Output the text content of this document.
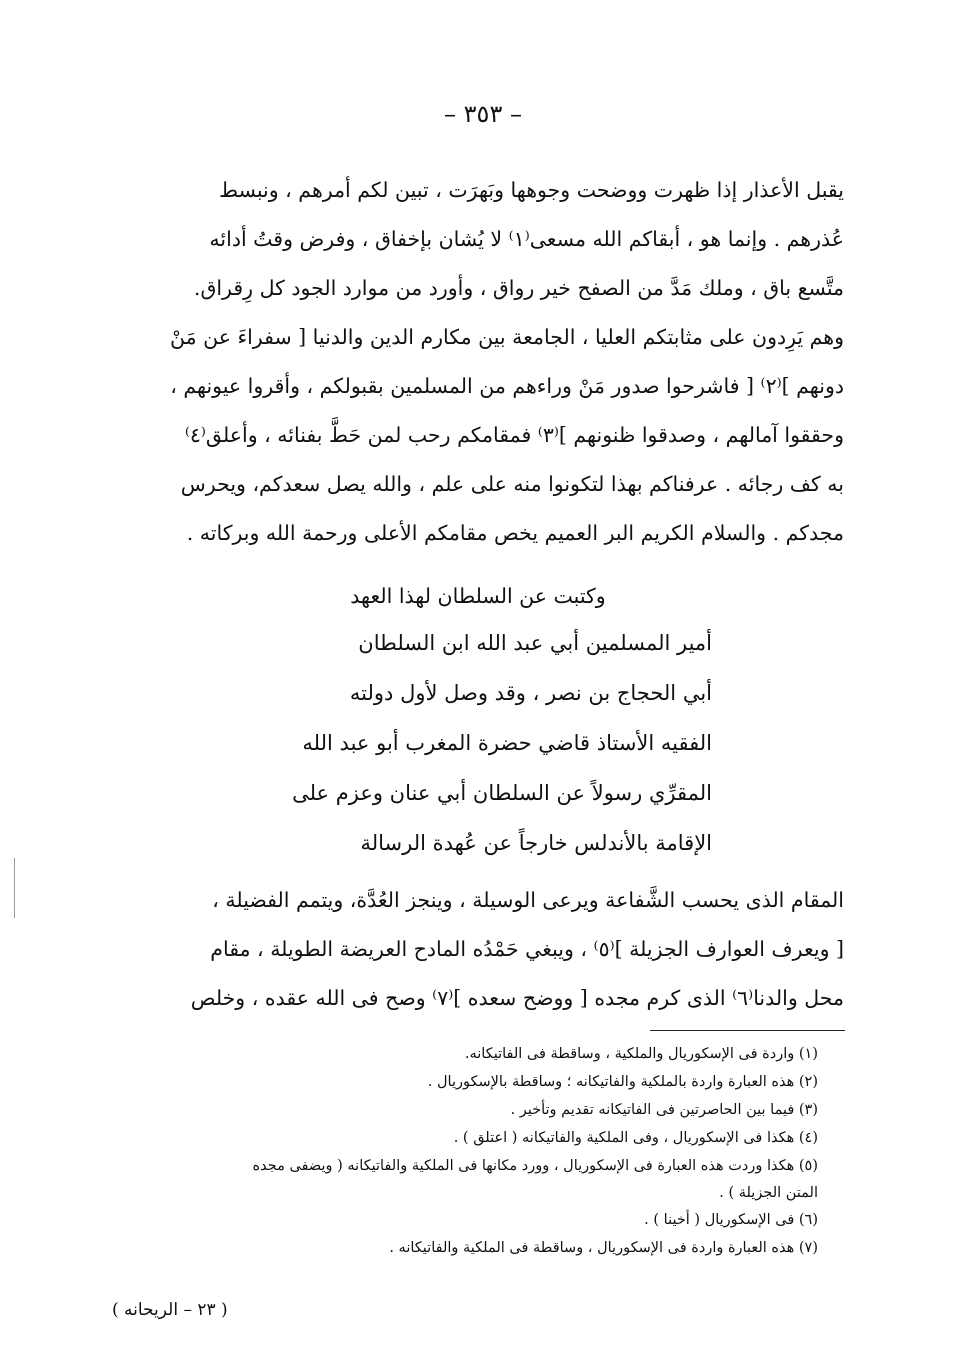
– ٣٥٣ –
يقبل الأعذار إذا ظهرت ووضحت وجوهها وبَهرَت ، تبين لكم أمرهم ، ونبسط
عُذرهم . وإنما هو ، أبقاكم الله مسعى⁽١⁾ لا يُشان بإخفاق ، وفرض وقتُ أدائه
متَّسع باق ، وملك مَدَّ من الصفح خير رواق ، وأورد من موارد الجود كل رِقراق.
وهم يَرِدون على مثابتكم العليا ، الجامعة بين مكارم الدين والدنيا [ سفراءَ عن مَنْ
دونهم ]⁽٢⁾ [ فاشرحوا صدور مَنْ وراءهم من المسلمين بقبولكم ، وأقروا عيونهم ،
وحققوا آمالهم ، وصدقوا ظنونهم ]⁽٣⁾ فمقامكم رحب لمن حَطَّ بفنائه ، وأعلق⁽٤⁾
به كف رجائه . عرفناكم بهذا لتكونوا منه على علم ، والله يصل سعدكم، ويحرس
مجدكم . والسلام الكريم البر العميم يخص مقامكم الأعلى ورحمة الله وبركاته .
وكتبت عن السلطان لهذا العهد
أمير المسلمين أبي عبد الله ابن السلطان
أبي الحجاج بن نصر ، وقد وصل لأول دولته
الفقيه الأستاذ قاضي حضرة المغرب أبو عبد الله
المقرِّي رسولاً عن السلطان أبي عنان وعزم على
الإقامة بالأندلس خارجاً عن عُهدة الرسالة
المقام الذى يحسب الشَّفاعة ويرعى الوسيلة ، وينجز العُدَّة، ويتمم الفضيلة ،
[ ويعرف العوارف الجزيلة ]⁽٥⁾ ، ويبغي حَمْدُه المادح العريضة الطويلة ، مقام
محل والدنا⁽٦⁾ الذى كرم مجده [ ووضح سعده ]⁽٧⁾ وصح فى الله عقده ، وخلص
(١) واردة فى الإسكوريال والملكية ، وساقطة فى الفاتيكانه.
(٢) هذه العبارة واردة بالملكية والفاتيكانه ؛ وساقطة بالإسكوريال .
(٣) فيما بين الحاصرتين فى الفاتيكانه تقديم وتأخير .
(٤) هكذا فى الإسكوريال ، وفى الملكية والفاتيكانه ( اعتلق ) .
(٥) هكذا وردت هذه العبارة فى الإسكوريال ، وورد مكانها فى الملكية والفاتيكانه ( ويضفى مجده
المتن الجزيلة ) .
(٦) فى الإسكوريال ( أخينا ) .
(٧) هذه العبارة واردة فى الإسكوريال ، وساقطة فى الملكية والفاتيكانه .
( ٢٣ – الريحانه )
